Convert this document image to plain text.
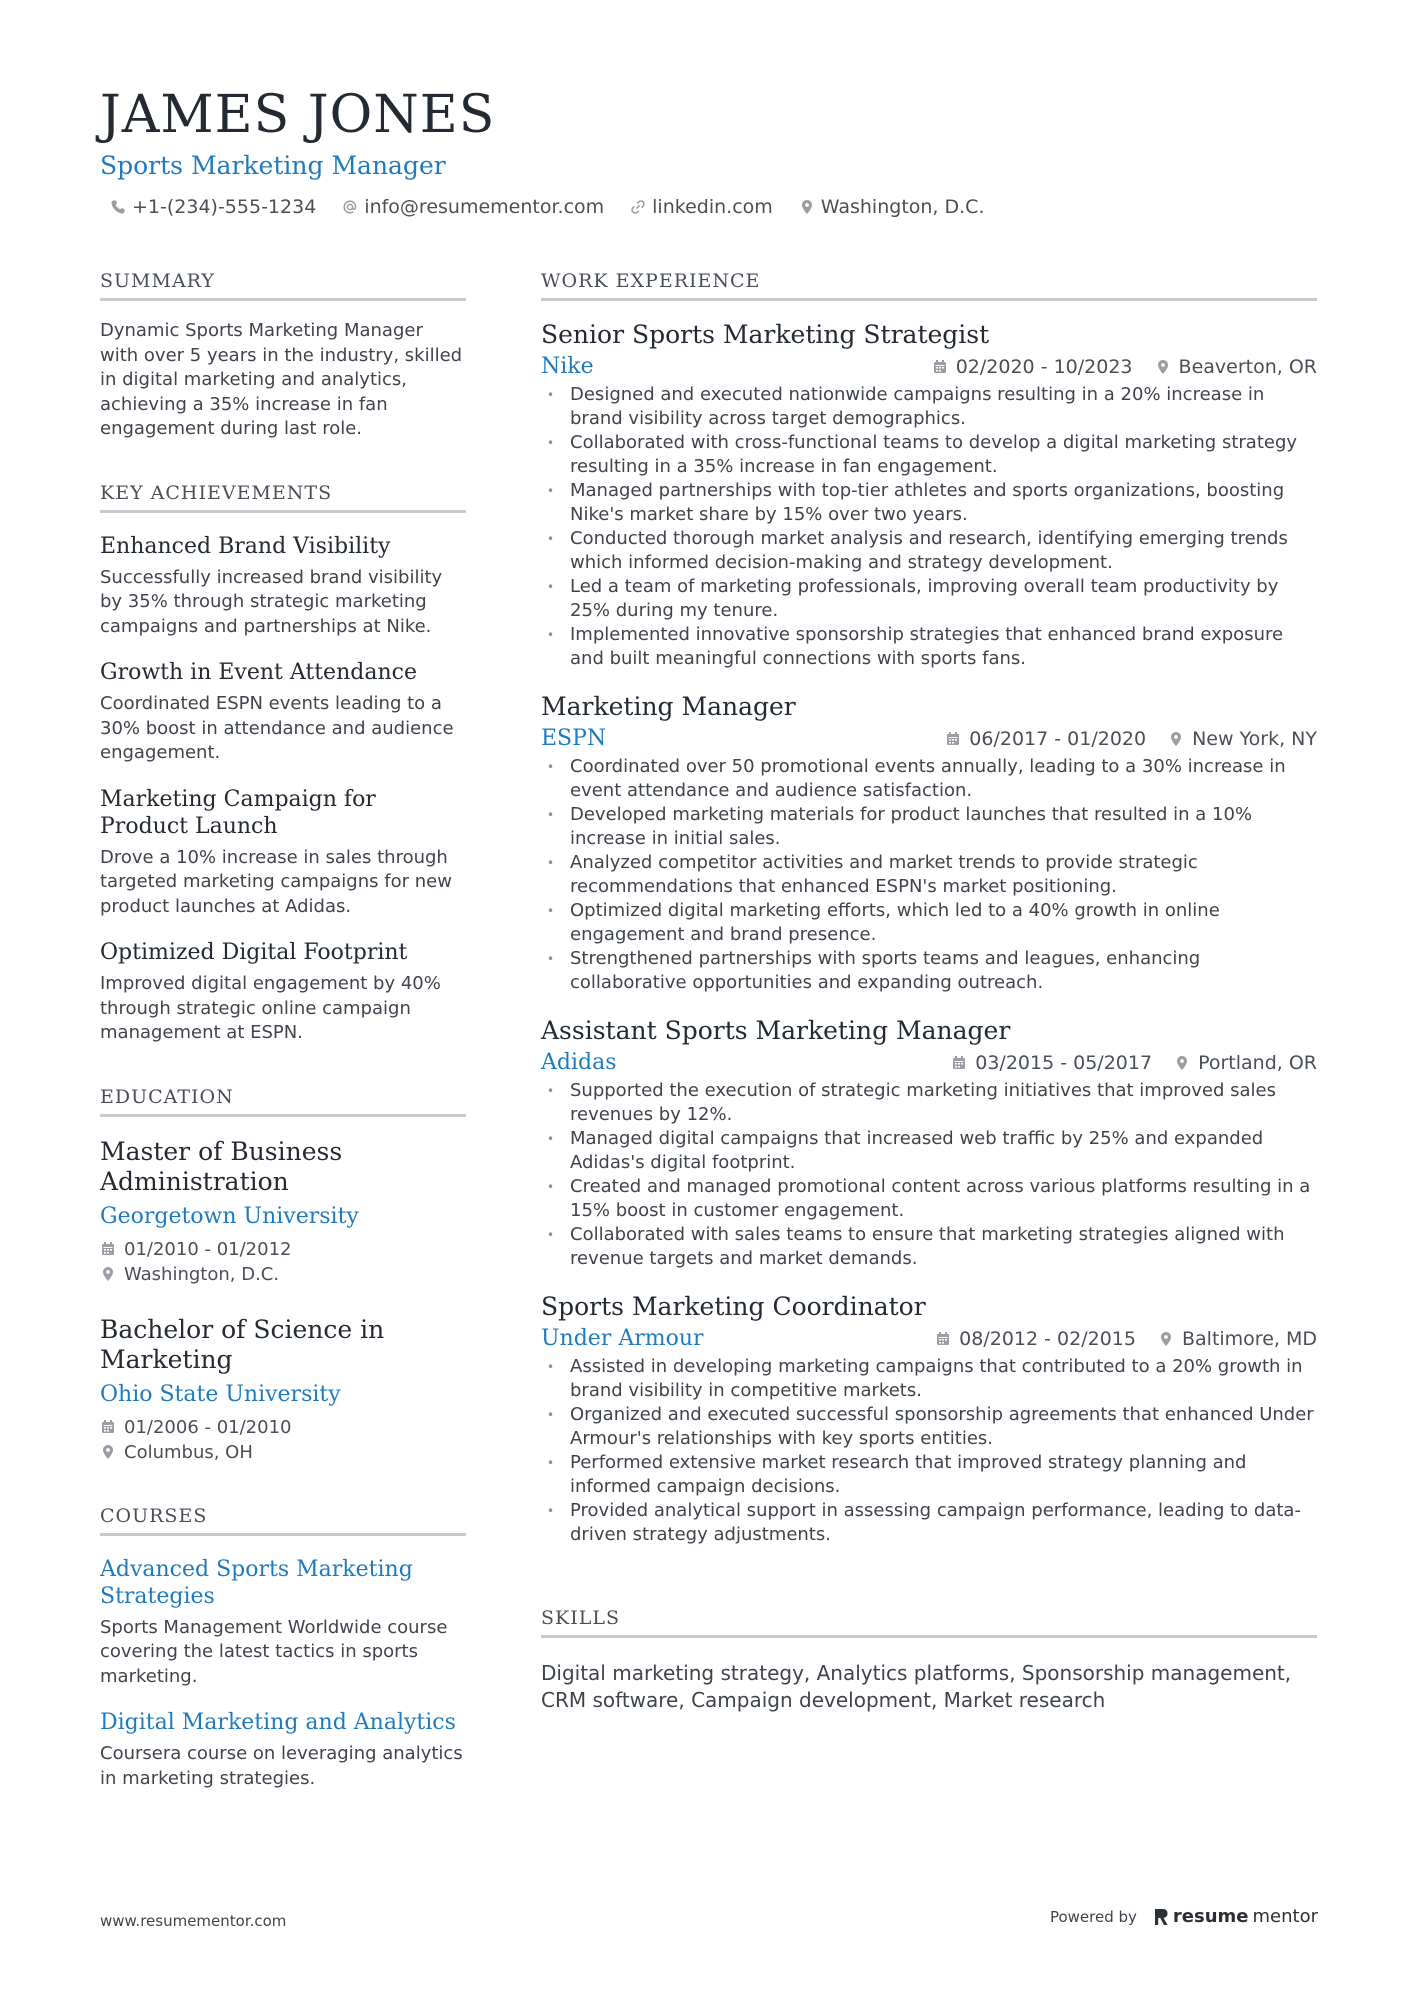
JAMES JONES
Sports Marketing Manager
+1-(234)-555-1234	info@resumementor.com	linkedin.com	Washington, D.C.
SUMMARY

Dynamic Sports Marketing Manager with over 5 years in the industry, skilled in digital marketing and analytics, achieving a 35% increase in fan engagement during last role.

KEY ACHIEVEMENTS
Enhanced Brand Visibility

Successfully increased brand visibility by 35% through strategic marketing campaigns and partnerships at Nike.

Growth in Event Attendance

Coordinated ESPN events leading to a 30% boost in attendance and audience engagement.

Marketing Campaign for Product Launch

Drove a 10% increase in sales through targeted marketing campaigns for new product launches at Adidas.

Optimized Digital Footprint

Improved digital engagement by 40% through strategic online campaign management at ESPN.

EDUCATION
Master of Business Administration
Georgetown University
01/2010 - 01/2012
Washington, D.C.
Bachelor of Science in Marketing
Ohio State University
01/2006 - 01/2010
Columbus, OH
COURSES
Advanced Sports Marketing Strategies

Sports Management Worldwide course covering the latest tactics in sports marketing.

Digital Marketing and Analytics

Coursera course on leveraging analytics in marketing strategies.

WORK EXPERIENCE
Senior Sports Marketing Strategist
Nike	02/2020 - 10/2023 Beaverton, OR
• Designed and executed nationwide campaigns resulting in a 20% increase in brand visibility across target demographics.
• Collaborated with cross-functional teams to develop a digital marketing strategy resulting in a 35% increase in fan engagement.
• Managed partnerships with top-tier athletes and sports organizations, boosting Nike's market share by 15% over two years.
• Conducted thorough market analysis and research, identifying emerging trends which informed decision-making and strategy development.
• Led a team of marketing professionals, improving overall team productivity by 25% during my tenure.
• Implemented innovative sponsorship strategies that enhanced brand exposure and built meaningful connections with sports fans.
Marketing Manager
ESPN	06/2017 - 01/2020 New York, NY
• Coordinated over 50 promotional events annually, leading to a 30% increase in event attendance and audience satisfaction.
• Developed marketing materials for product launches that resulted in a 10% increase in initial sales.
• Analyzed competitor activities and market trends to provide strategic recommendations that enhanced ESPN's market positioning.
• Optimized digital marketing efforts, which led to a 40% growth in online engagement and brand presence.
• Strengthened partnerships with sports teams and leagues, enhancing collaborative opportunities and expanding outreach.
Assistant Sports Marketing Manager
Adidas	03/2015 - 05/2017 Portland, OR
• Supported the execution of strategic marketing initiatives that improved sales revenues by 12%.
• Managed digital campaigns that increased web traffic by 25% and expanded Adidas's digital footprint.
• Created and managed promotional content across various platforms resulting in a 15% boost in customer engagement.
• Collaborated with sales teams to ensure that marketing strategies aligned with revenue targets and market demands.
Sports Marketing Coordinator
Under Armour	08/2012 - 02/2015 Baltimore, MD
• Assisted in developing marketing campaigns that contributed to a 20% growth in brand visibility in competitive markets.
• Organized and executed successful sponsorship agreements that enhanced Under Armour's relationships with key sports entities.
• Performed extensive market research that improved strategy planning and informed campaign decisions.
• Provided analytical support in assessing campaign performance, leading to data-driven strategy adjustments.
SKILLS

Digital marketing strategy, Analytics platforms, Sponsorship management, CRM software, Campaign development, Market research

www.resumementor.com	Powered by resume mentor
